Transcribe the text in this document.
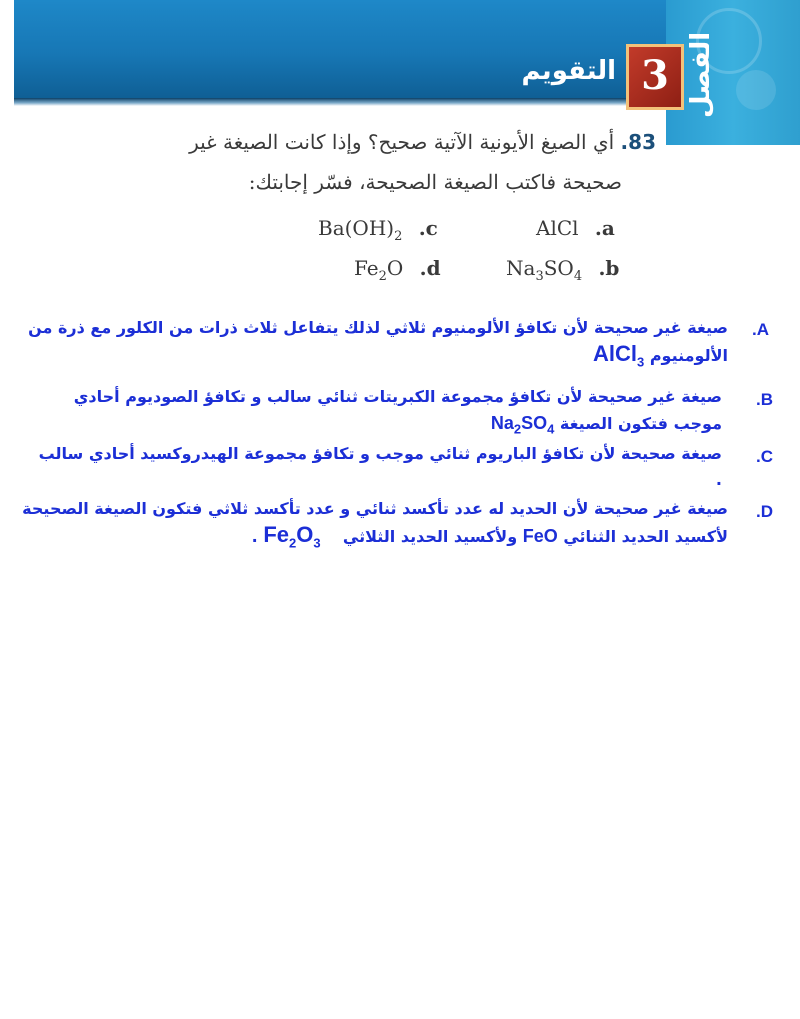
الفصل
3
التقويم
83. أي الصيغ الأيونية الآتية صحيح؟ وإذا كانت الصيغة غير
صحيحة فاكتب الصيغة الصحيحة، فسّر إجابتك:
AlCl .a
$Ba(OH)_2$ .c
$Na_3SO_4$ .b
$Fe_2O$ .d
.A
صيغة غير صحيحة لأن تكافؤ الألومنيوم ثلاثي لذلك يتفاعل ثلاث ذرات من الكلور مع ذرة من
الألومنيوم AlCl$_3$
.B
صيغة غير صحيحة لأن تكافؤ مجموعة الكبريتات ثنائي سالب و تكافؤ الصوديوم أحادي
موجب فتكون الصيغة $Na_2SO_4$
.C
صيغة صحيحة لأن تكافؤ الباريوم ثنائي موجب و تكافؤ مجموعة الهيدروكسيد أحادي سالب
.
.D
صيغة غير صحيحة لأن الحديد له عدد تأكسد ثنائي و عدد تأكسد ثلاثي فتكون الصيغة الصحيحة
لأكسيد الحديد الثنائي FeO ولأكسيد الحديد الثلاثي    $Fe_2O_3$ .
